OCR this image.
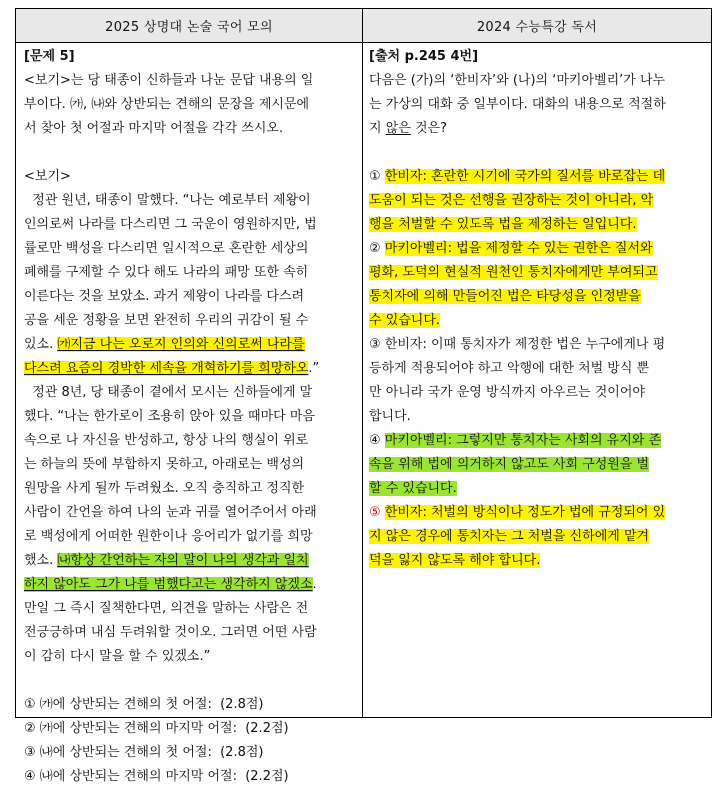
2025 상명대 논술 국어 모의	2024 수능특강 독서
[문제 5]
<보기>는 당 태종이 신하들과 나눈 문답 내용의 일
부이다. ㈎, ㈏와 상반되는 견해의 문장을 제시문에
서 찾아 첫 어절과 마지막 어절을 각각 쓰시오.
<보기>
정관 원년, 태종이 말했다. “나는 예로부터 제왕이
인의로써 나라를 다스리면 그 국운이 영원하지만, 법
률로만 백성을 다스리면 일시적으로 혼란한 세상의
폐해를 구제할 수 있다 해도 나라의 패망 또한 속히
이른다는 것을 보았소. 과거 제왕이 나라를 다스려
공을 세운 정황을 보면 완전히 우리의 귀감이 될 수
있소. ㈎지금 나는 오로지 인의와 신의로써 나라를
다스려 요즘의 경박한 세속을 개혁하기를 희망하오.”
정관 8년, 당 태종이 곁에서 모시는 신하들에게 말
했다. “나는 한가로이 조용히 앉아 있을 때마다 마음
속으로 나 자신을 반성하고, 항상 나의 행실이 위로
는 하늘의 뜻에 부합하지 못하고, 아래로는 백성의
원망을 사게 될까 두려웠소. 오직 충직하고 정직한
사람이 간언을 하여 나의 눈과 귀를 열어주어서 아래
로 백성에게 어떠한 원한이나 응어리가 없기를 희망
했소. ㈏항상 간언하는 자의 말이 나의 생각과 일치
하지 않아도 그가 나를 범했다고는 생각하지 않겠소.
만일 그 즉시 질책한다면, 의견을 말하는 사람은 전
전긍긍하며 내심 두려워할 것이오. 그러면 어떤 사람
이 감히 다시 말을 할 수 있겠소.”
① ㈎에 상반되는 견해의 첫 어절:  (2.8점)
② ㈎에 상반되는 견해의 마지막 어절:  (2.2점)
③ ㈏에 상반되는 견해의 첫 어절:  (2.8점)
④ ㈏에 상반되는 견해의 마지막 어절:  (2.2점)
[출처 p.245 4번]
다음은 (가)의 ‘한비자’와 (나)의 ‘마키아벨리’가 나누
는 가상의 대화 중 일부이다. 대화의 내용으로 적절하
지 않은 것은?
① 한비자: 혼란한 시기에 국가의 질서를 바로잡는 데
도움이 되는 것은 선행을 권장하는 것이 아니라, 악
행을 처벌할 수 있도록 법을 제정하는 일입니다.
② 마키아벨리: 법을 제정할 수 있는 권한은 질서와
평화, 도덕의 현실적 원천인 통치자에게만 부여되고
통치자에 의해 만들어진 법은 타당성을 인정받을
수 있습니다.
③ 한비자: 이때 통치자가 제정한 법은 누구에게나 평
등하게 적용되어야 하고 악행에 대한 처벌 방식 뿐
만 아니라 국가 운영 방식까지 아우르는 것이어야
합니다.
④ 마키아벨리: 그렇지만 통치자는 사회의 유지와 존
속을 위해 법에 의거하지 않고도 사회 구성원을 벌
할 수 있습니다.
⑤ 한비자: 처벌의 방식이나 정도가 법에 규정되어 있
지 않은 경우에 통치자는 그 처벌을 신하에게 맡겨
덕을 잃지 않도록 해야 합니다.
